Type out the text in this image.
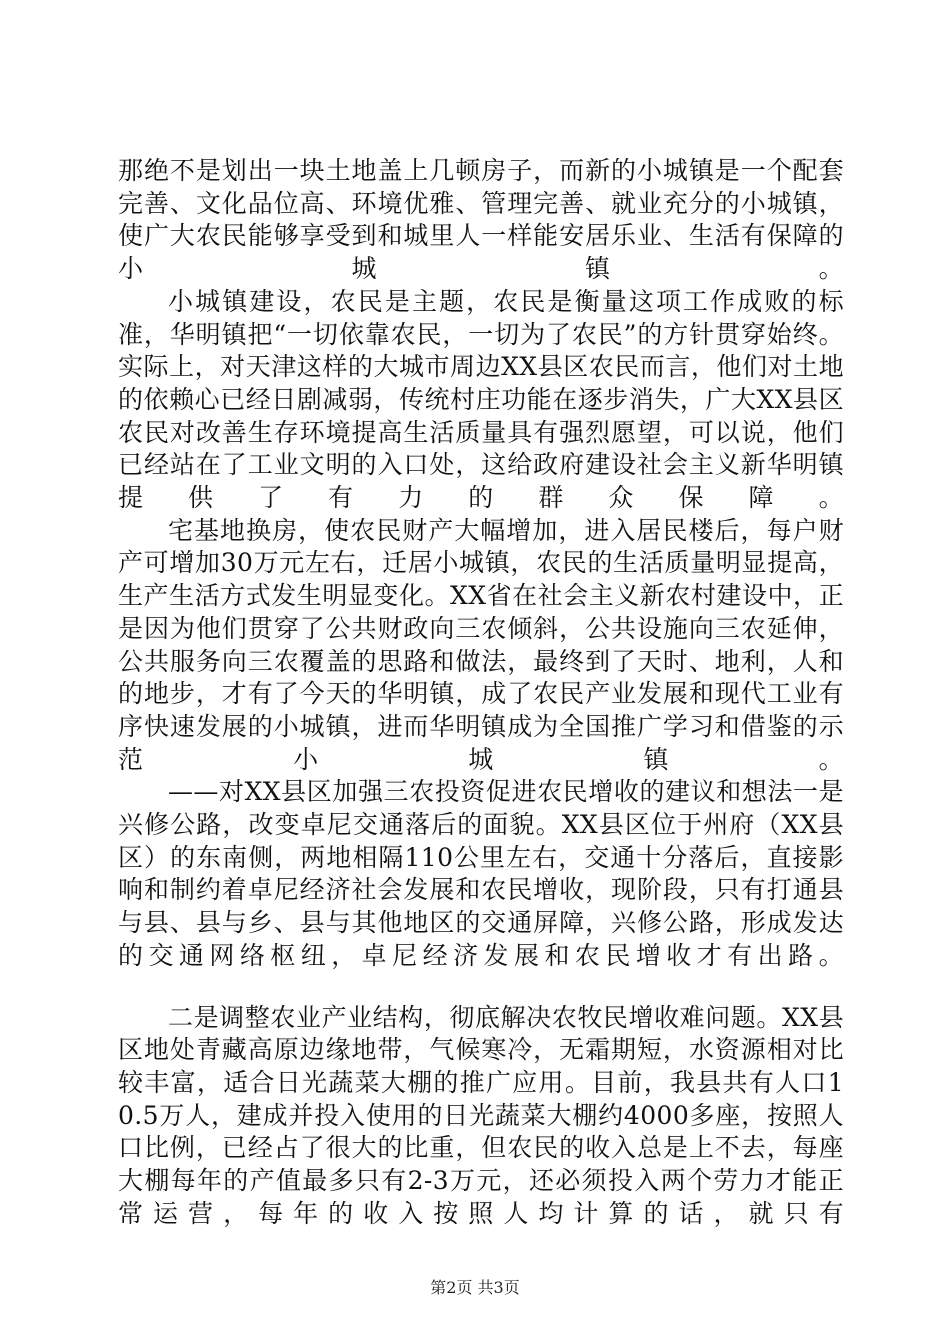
那绝不是划出一块土地盖上几顿房子，而新的小城镇是一个配套完善、文化品位高、环境优雅、管理完善、就业充分的小城镇，使广大农民能够享受到和城里人一样能安居乐业、生活有保障的小城镇。

小城镇建设，农民是主题，农民是衡量这项工作成败的标准，华明镇把“一切依靠农民，一切为了农民”的方针贯穿始终。实际上，对天津这样的大城市周边XX县区农民而言，他们对土地的依赖心已经日剧减弱，传统村庄功能在逐步消失，广大XX县区农民对改善生存环境提高生活质量具有强烈愿望，可以说，他们已经站在了工业文明的入口处，这给政府建设社会主义新华明镇提供了有力的群众保障。

宅基地换房，使农民财产大幅增加，进入居民楼后，每户财产可增加30万元左右，迁居小城镇，农民的生活质量明显提高，生产生活方式发生明显变化。XX省在社会主义新农村建设中，正是因为他们贯穿了公共财政向三农倾斜，公共设施向三农延伸，公共服务向三农覆盖的思路和做法，最终到了天时、地利，人和的地步，才有了今天的华明镇，成了农民产业发展和现代工业有序快速发展的小城镇，进而华明镇成为全国推广学习和借鉴的示范小城镇。

——对XX县区加强三农投资促进农民增收的建议和想法一是兴修公路，改变卓尼交通落后的面貌。XX县区位于州府（XX县区）的东南侧，两地相隔110公里左右，交通十分落后，直接影响和制约着卓尼经济社会发展和农民增收，现阶段，只有打通县与县、县与乡、县与其他地区的交通屏障，兴修公路，形成发达的交通网络枢纽，卓尼经济发展和农民增收才有出路。

二是调整农业产业结构，彻底解决农牧民增收难问题。XX县区地处青藏高原边缘地带，气候寒冷，无霜期短，水资源相对比较丰富，适合日光蔬菜大棚的推广应用。目前，我县共有人口10.5万人，建成并投入使用的日光蔬菜大棚约4000多座，按照人口比例，已经占了很大的比重，但农民的收入总是上不去，每座大棚每年的产值最多只有2-3万元，还必须投入两个劳力才能正常运营，每年的收入按照人均计算的话，就只有

第2页 共3页
